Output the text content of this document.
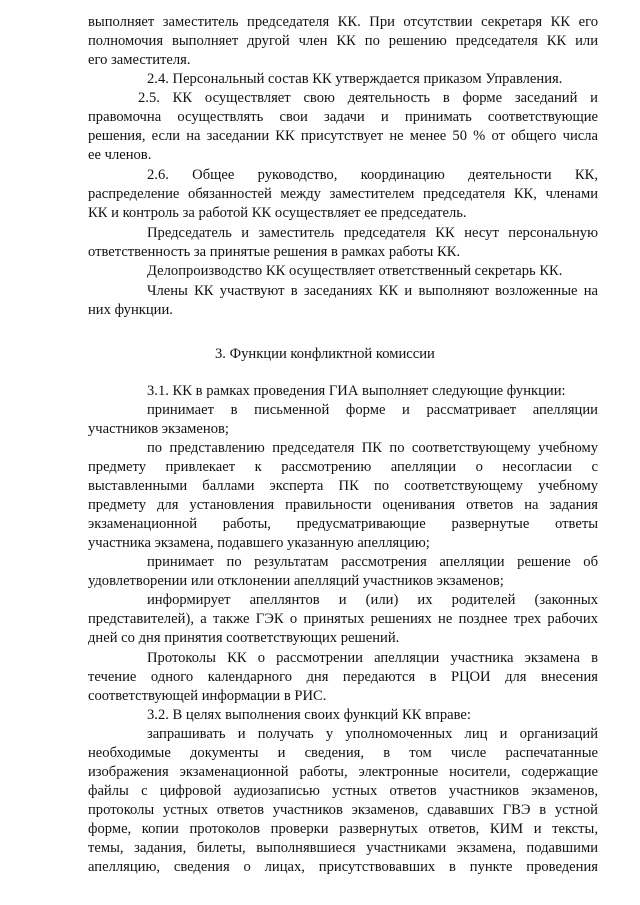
выполняет заместитель председателя КК. При отсутствии секретаря КК его
полномочия выполняет другой член КК по решению председателя КК или
его заместителя.
2.4. Персональный состав КК утверждается приказом Управления.
2.5. КК осуществляет свою деятельность в форме заседаний и
правомочна осуществлять свои задачи и принимать соответствующие
решения, если на заседании КК присутствует не менее 50 % от общего числа
ее членов.
2.6. Общее руководство, координацию деятельности КК,
распределение обязанностей между заместителем председателя КК, членами
КК и контроль за работой КК осуществляет ее председатель.
Председатель и заместитель председателя КК несут персональную
ответственность за принятые решения в рамках работы КК.
Делопроизводство КК осуществляет ответственный секретарь КК.
Члены КК участвуют в заседаниях КК и выполняют возложенные на
них функции.
3. Функции конфликтной комиссии
3.1. КК в рамках проведения ГИА выполняет следующие функции:
принимает в письменной форме и рассматривает апелляции
участников экзаменов;
по представлению председателя ПК по соответствующему учебному
предмету привлекает к рассмотрению апелляции о несогласии с
выставленными баллами эксперта ПК по соответствующему учебному
предмету для установления правильности оценивания ответов на задания
экзаменационной работы, предусматривающие развернутые ответы
участника экзамена, подавшего указанную апелляцию;
принимает по результатам рассмотрения апелляции решение об
удовлетворении или отклонении апелляций участников экзаменов;
информирует апеллянтов и (или) их родителей (законных
представителей), а также ГЭК о принятых решениях не позднее трех рабочих
дней со дня принятия соответствующих решений.
Протоколы КК о рассмотрении апелляции участника экзамена в
течение одного календарного дня передаются в РЦОИ для внесения
соответствующей информации в РИС.
3.2. В целях выполнения своих функций КК вправе:
запрашивать и получать у уполномоченных лиц и организаций
необходимые документы и сведения, в том числе распечатанные
изображения экзаменационной работы, электронные носители, содержащие
файлы с цифровой аудиозаписью устных ответов участников экзаменов,
протоколы устных ответов участников экзаменов, сдававших ГВЭ в устной
форме, копии протоколов проверки развернутых ответов, КИМ и тексты,
темы, задания, билеты, выполнявшиеся участниками экзамена, подавшими
апелляцию, сведения о лицах, присутствовавших в пункте проведения
